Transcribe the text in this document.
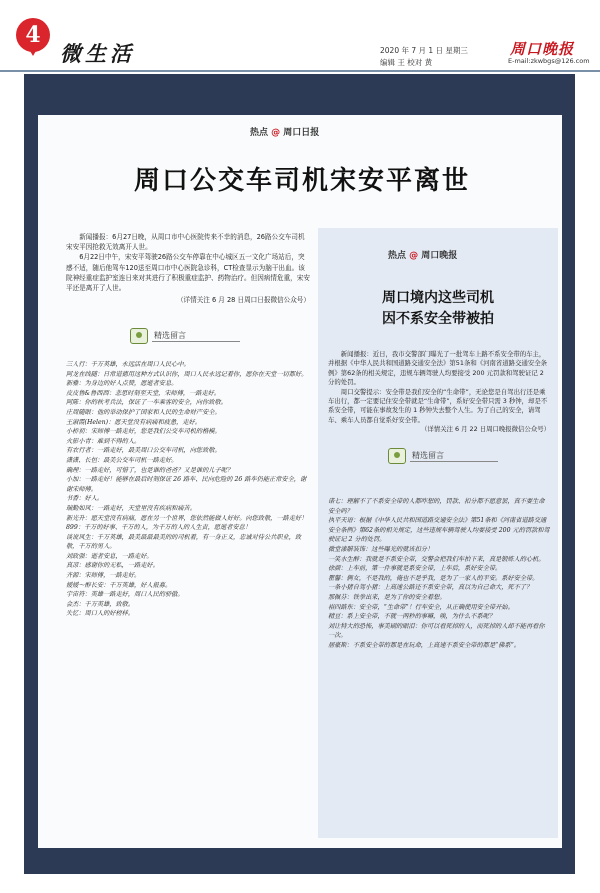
4
微生活	2020 年 7 月 1 日 星期三
编辑 王 校对 黄
周口晚报
E-mail:zkwbgs@126.com
热点 @ 周口日报
周口公交车司机宋安平离世

新闻播报：6月27日晚，从周口市中心医院传来不幸的消息，26路公交车司机宋安平因抢救无效离开人世。

6月22日中午，宋安平驾驶26路公交车停靠在中心城区五一文化广场站后，突感不适，随后他驾车120送至周口市中心医院急诊科，CT检查显示为脑干出血。该院神经重症监护室连日来对其进行了积极重症监护、药物治疗。但因病情危重，宋安平还是离开了人世。

（详情关注 6 月 28 日周口日报微信公众号）

精选留言

三人行：千万英雄，永远活在周口人民心中。

阿龙在线随：日常道德用这种方式认识你，周口人民永远记着你，愿你在天堂一切都好。

新雅：为身边的好人点赞，愿逝者安息。

皮皮鲁&鲁西西：悲思时刻至天堂，宋师傅，一路走好。

阿陈：你的秋考兵法，保证了一车乘客的安全，向你致敬。

庄周随眼：他的举动保护了国家和人民的生命财产安全。

王淑霞(Helen)：愿天堂没有病痛和疲惫，走好。

小桥初：宋师傅一路走好，您是我们公交车司机的楷模。

火影小青：难到不得的人。

有农行者：一路走好，最美周口公交车司机，向您致敬。

潇潇、长恒：最美公交车司机一路走好。

确理：一路走好，可惜了，也是谁的爸爸？又是谁的儿子呢？

小加：一路走好！能够在最后时刻保证 26 路车、民向危险的 26 路车仍能正常安全，谢谢宋师傅。

书香：好人。

瑞勤如风：一路走好，天堂里没有疾病和痛苦。

新光升：愿天堂没有病痛，愿在另一个世界，您依然能做人好好。向您致敬，一路走好！

899：千万的好事、千万的人，为千万的人的人生责，愿逝者安息！

谈说风生：千万英雄，最美最最最美的的司机着，有一身正义，忠诚对待公共职业，致敬，千万的男人。

刘政强：逝者安息，一路走好。

真凉：感谢你的无私，一路走好。

齐源：宋师傅，一路走好。

媛媛～醉长安：千万英雄，好人报募。

宇宙符：英雄一路走好，周口人民的骄傲。

会杰：千万英雄，致敬。

失忆：周口人的好榜样。

热点 @ 周口晚报
周口境内这些司机
因不系安全带被拍

新闻播报：近日，我市交警部门曝光了一批驾车上路不系安全带的车主，并根据《中华人民共和国道路交通安全法》第51条和《河南省道路交通安全条例》第62条的相关规定，违规车辆驾驶人均要接受 200 元罚款和驾驶证记 2 分的处罚。

周口交警提示：安全带是我们安全的“生命带”，无论您是自驾出行还是乘车出行，都一定要记住安全带就是“生命带”，系好安全带只需 3 秒钟，却是不系安全带，可能在事故发生的 1 秒钟失去整个人生。为了自己的安全，请驾车、乘车人员都自觉系好安全带。

（详情关注 6 月 22 日周口晚报微信公众号）

精选留言

诺七：理解不了不系安全带的人都咋想的，罚款、扣分都不愿意罢，真不要生命安全吗？

执平天语：根据《中华人民共和国道路交通安全法》第51条和《河南省道路交通安全条例》第62条的相关规定，这些违规车辆驾驶人均要接受 200 元的罚款和驾驶证记 2 分的处罚。

微堂漆腊装饰：这些曝光的就该扣分！

一笑水生醉：我就是不系安全带，交警会把我们车拍下来，真是锻炼人的心机。

徐颜：上车前，第一件事就是系安全带，上车后，系好安全带。

瞿馨：俩女，不是我的，俺也不是乎我，是为了一家人的平安。系好安全带。

一条小猪自驾小猪：上高速公路还不系安全带，真以为自己命大，死不了？

那佩芬：铁拳出来，是为了你的安全着想。

裕四路东：安全带，“生命带”！行车安全，从正确使用安全带开始。

精豆：系上安全带，不就一两秒的事嘛，唉，为什么不系呢？

刘让特大的恐怖，事美刷的眼泪：你可以看死掉的人，而死掉的人却不能再看你一次。

居豪斯：不系安全带的都是在玩命，上高速不系安全带的都是“佛系”。
